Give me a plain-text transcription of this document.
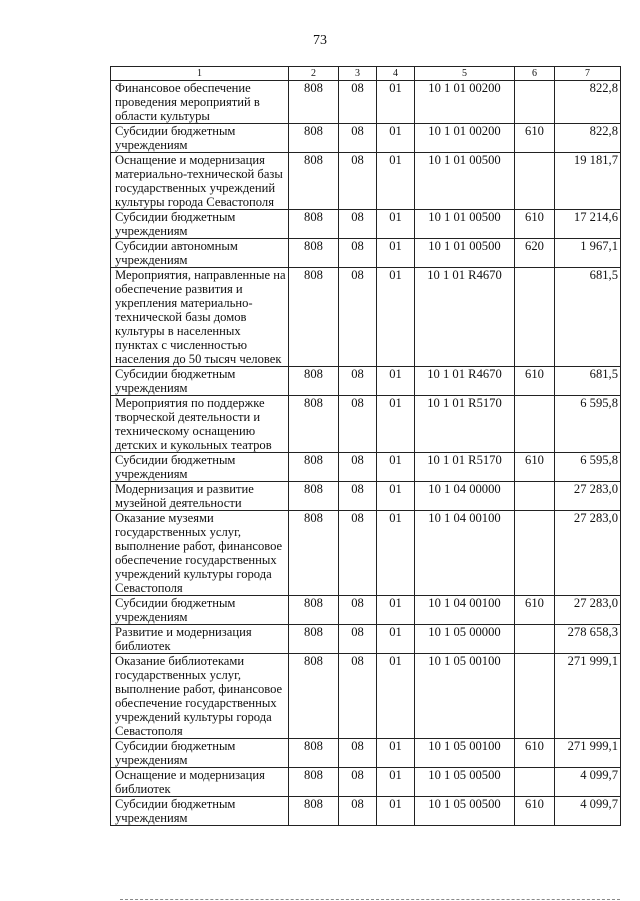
73
1	2	3	4	5	6	7
Финансовое обеспечение проведения мероприятий в области культуры	808	08	01	10 1 01 00200		822,8
Субсидии бюджетным учреждениям	808	08	01	10 1 01 00200	610	822,8
Оснащение и модернизация материально-технической базы государственных учреждений культуры города Севастополя	808	08	01	10 1 01 00500		19 181,7
Субсидии бюджетным учреждениям	808	08	01	10 1 01 00500	610	17 214,6
Субсидии автономным учреждениям	808	08	01	10 1 01 00500	620	1 967,1
Мероприятия, направленные на обеспечение развития и укрепления материально-технической базы домов культуры в населенных пунктах с численностью населения до 50 тысяч человек	808	08	01	10 1 01 R4670		681,5
Субсидии бюджетным учреждениям	808	08	01	10 1 01 R4670	610	681,5
Мероприятия по поддержке творческой деятельности и техническому оснащению детских и кукольных театров	808	08	01	10 1 01 R5170		6 595,8
Субсидии бюджетным учреждениям	808	08	01	10 1 01 R5170	610	6 595,8
Модернизация и развитие музейной деятельности	808	08	01	10 1 04 00000		27 283,0
Оказание музеями государственных услуг, выполнение работ, финансовое обеспечение государственных учреждений культуры города Севастополя	808	08	01	10 1 04 00100		27 283,0
Субсидии бюджетным учреждениям	808	08	01	10 1 04 00100	610	27 283,0
Развитие и модернизация библиотек	808	08	01	10 1 05 00000		278 658,3
Оказание библиотеками государственных услуг, выполнение работ, финансовое обеспечение государственных учреждений культуры города Севастополя	808	08	01	10 1 05 00100		271 999,1
Субсидии бюджетным учреждениям	808	08	01	10 1 05 00100	610	271 999,1
Оснащение и модернизация библиотек	808	08	01	10 1 05 00500		4 099,7
Субсидии бюджетным учреждениям	808	08	01	10 1 05 00500	610	4 099,7
